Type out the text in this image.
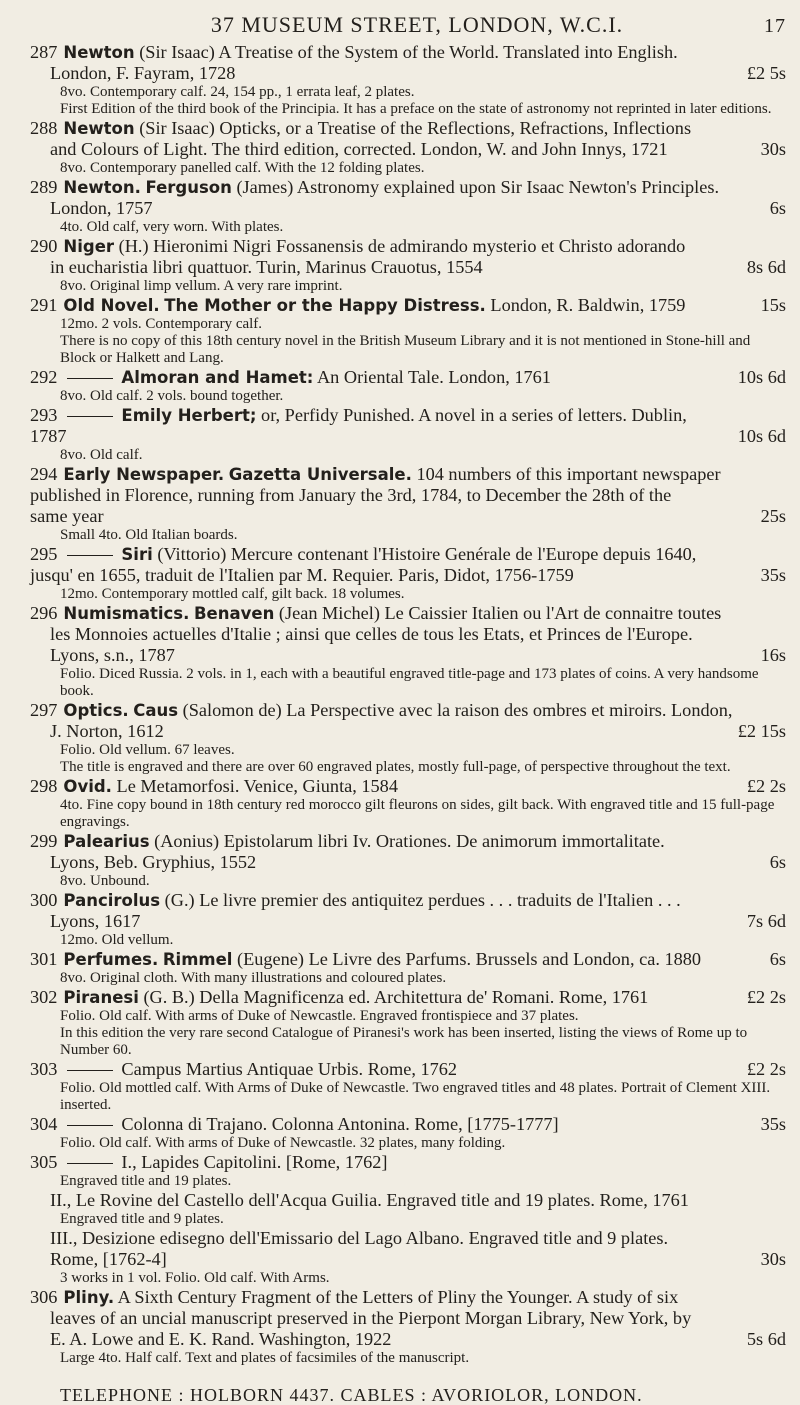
37 MUSEUM STREET, LONDON, W.C.I.	17

287 Newton (Sir Isaac) A Treatise of the System of the World. Translated into English.

London, F. Fayram, 1728	£2 5s

8vo. Contemporary calf. 24, 154 pp., 1 errata leaf, 2 plates.

First Edition of the third book of the Principia. It has a preface on the state of astronomy not reprinted in later editions.

288 Newton (Sir Isaac) Opticks, or a Treatise of the Reflections, Refractions, Inflections

and Colours of Light. The third edition, corrected. London, W. and John Innys, 1721	30s

8vo. Contemporary panelled calf. With the 12 folding plates.

289 Newton. Ferguson (James) Astronomy explained upon Sir Isaac Newton's Principles.

London, 1757	6s

4to. Old calf, very worn. With plates.

290 Niger (H.) Hieronimi Nigri Fossanensis de admirando mysterio et Christo adorando

in eucharistia libri quattuor. Turin, Marinus Crauotus, 1554	8s 6d

8vo. Original limp vellum. A very rare imprint.

291 Old Novel. The Mother or the Happy Distress. London, R. Baldwin, 1759	15s

12mo. 2 vols. Contemporary calf.

There is no copy of this 18th century novel in the British Museum Library and it is not mentioned in Stone-hill and Block or Halkett and Lang.

292	Almoran and Hamet: An Oriental Tale. London, 1761	10s 6d

8vo. Old calf. 2 vols. bound together.

293	Emily Herbert; or, Perfidy Punished. A novel in a series of letters. Dublin,

1787	10s 6d

8vo. Old calf.

294 Early Newspaper. Gazetta Universale. 104 numbers of this important newspaper

published in Florence, running from January the 3rd, 1784, to December the 28th of the

same year	25s

Small 4to. Old Italian boards.

295	Siri (Vittorio) Mercure contenant l'Histoire Genérale de l'Europe depuis 1640,

jusqu' en 1655, traduit de l'Italien par M. Requier. Paris, Didot, 1756-1759	35s

12mo. Contemporary mottled calf, gilt back. 18 volumes.

296 Numismatics. Benaven (Jean Michel) Le Caissier Italien ou l'Art de connaitre toutes

les Monnoies actuelles d'Italie ; ainsi que celles de tous les Etats, et Princes de l'Europe.

Lyons, s.n., 1787	16s

Folio. Diced Russia. 2 vols. in 1, each with a beautiful engraved title-page and 173 plates of coins. A very handsome book.

297 Optics. Caus (Salomon de) La Perspective avec la raison des ombres et miroirs. London,

J. Norton, 1612	£2 15s

Folio. Old vellum. 67 leaves.

The title is engraved and there are over 60 engraved plates, mostly full-page, of perspective throughout the text.

298 Ovid. Le Metamorfosi. Venice, Giunta, 1584	£2 2s

4to. Fine copy bound in 18th century red morocco gilt fleurons on sides, gilt back. With engraved title and 15 full-page engravings.

299 Palearius (Aonius) Epistolarum libri Iv. Orationes. De animorum immortalitate.

Lyons, Beb. Gryphius, 1552	6s

8vo. Unbound.

300 Pancirolus (G.) Le livre premier des antiquitez perdues . . . traduits de l'Italien . . .

Lyons, 1617	7s 6d

12mo. Old vellum.

301 Perfumes. Rimmel (Eugene) Le Livre des Parfums. Brussels and London, ca. 1880	6s

8vo. Original cloth. With many illustrations and coloured plates.

302 Piranesi (G. B.) Della Magnificenza ed. Architettura de' Romani. Rome, 1761	£2 2s

Folio. Old calf. With arms of Duke of Newcastle. Engraved frontispiece and 37 plates.

In this edition the very rare second Catalogue of Piranesi's work has been inserted, listing the views of Rome up to Number 60.

303	Campus Martius Antiquae Urbis. Rome, 1762	£2 2s

Folio. Old mottled calf. With Arms of Duke of Newcastle. Two engraved titles and 48 plates. Portrait of Clement XIII. inserted.

304	Colonna di Trajano. Colonna Antonina. Rome, [1775-1777]	35s

Folio. Old calf. With arms of Duke of Newcastle. 32 plates, many folding.

305	I., Lapides Capitolini. [Rome, 1762]

Engraved title and 19 plates.

II., Le Rovine del Castello dell'Acqua Guilia. Engraved title and 19 plates. Rome, 1761

Engraved title and 9 plates.

III., Desizione edisegno dell'Emissario del Lago Albano. Engraved title and 9 plates.

Rome, [1762-4]	30s

3 works in 1 vol. Folio. Old calf. With Arms.

306 Pliny. A Sixth Century Fragment of the Letters of Pliny the Younger. A study of six

leaves of an uncial manuscript preserved in the Pierpont Morgan Library, New York, by

E. A. Lowe and E. K. Rand. Washington, 1922	5s 6d

Large 4to. Half calf. Text and plates of facsimiles of the manuscript.

TELEPHONE : HOLBORN 4437. CABLES : AVORIOLOR, LONDON.
